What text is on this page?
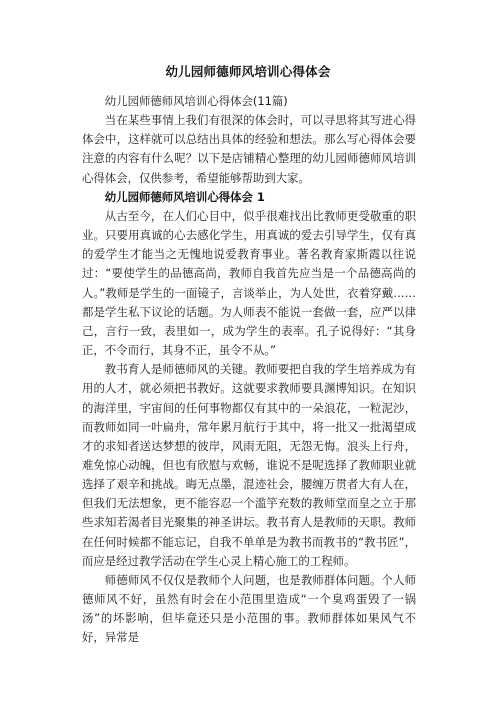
幼儿园师德师风培训心得体会

幼儿园师德师风培训心得体会(11篇)

当在某些事情上我们有很深的体会时，可以寻思将其写进心得体会中，这样就可以总结出具体的经验和想法。那么写心得体会要注意的内容有什么呢？以下是店铺精心整理的幼儿园师德师风培训心得体会，仅供参考，希望能够帮助到大家。

幼儿园师德师风培训心得体会 1

从古至今，在人们心目中，似乎很难找出比教师更受敬重的职业。只要用真诚的心去感化学生，用真诚的爱去引导学生，仅有真的爱学生才能当之无愧地说爱教育事业。著名教育家斯霞以往说过：“要使学生的品德高尚，教师自我首先应当是一个品德高尚的人。”教师是学生的一面镜子，言谈举止，为人处世，衣着穿戴……都是学生私下议论的话题。为人师表不能说一套做一套，应严以律己，言行一致，表里如一，成为学生的表率。孔子说得好：“其身正，不令而行，其身不正，虽令不从。”

教书育人是师德师风的关键。教师要把自我的学生培养成为有用的人才，就必须把书教好。这就要求教师要具渊博知识。在知识的海洋里，宇宙间的任何事物都仅有其中的一朵浪花，一粒泥沙，而教师如同一叶扁舟，常年累月航行于其中，将一批又一批渴望成才的求知者送达梦想的彼岸，风雨无阻，无怨无悔。浪头上行舟，难免惊心动魄，但也有欣慰与欢畅，谁说不是呢选择了教师职业就选择了艰辛和挑战。晦无点墨，混迹社会，腰缠万贯者大有人在，但我们无法想象，更不能容忍一个滥竽充数的教师堂而皇之立于那些求知若渴者目光聚集的神圣讲坛。教书育人是教师的天职。教师在任何时候都不能忘记，自我不单单是为教书而教书的“教书匠”，而应是经过教学活动在学生心灵上精心施工的工程师。

师德师风不仅仅是教师个人问题，也是教师群体问题。个人师德师风不好，虽然有时会在小范围里造成“一个臭鸡蛋毁了一锅汤”的坏影响，但毕竟还只是小范围的事。教师群体如果风气不好，异常是
